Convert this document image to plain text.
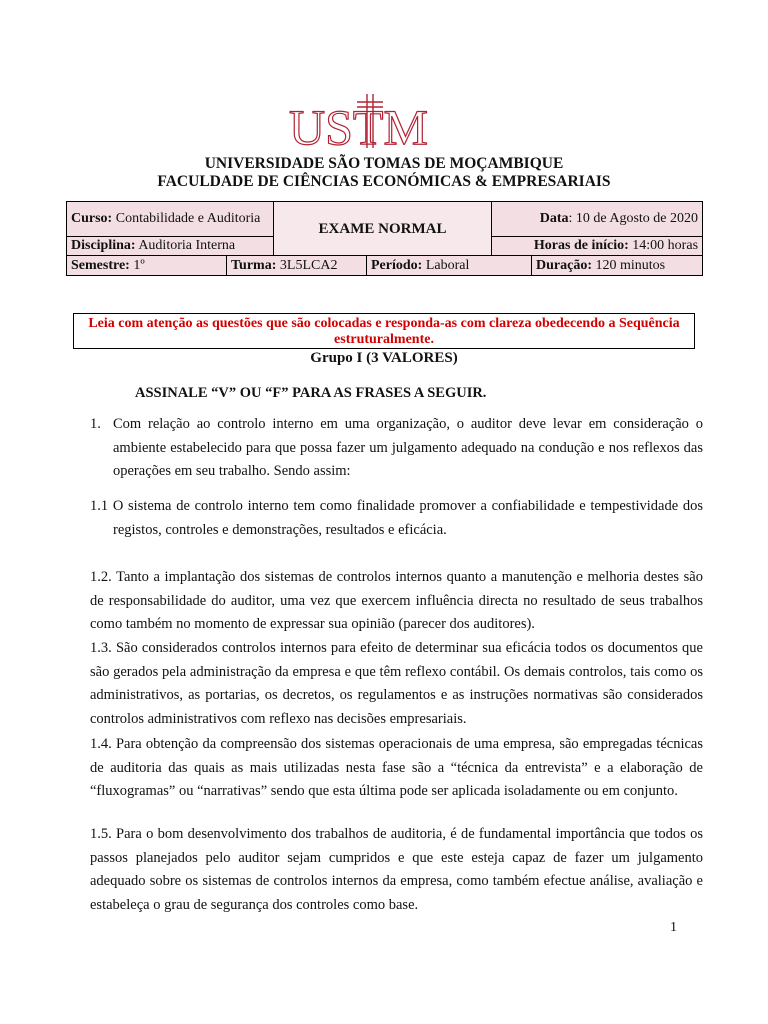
USTM
UNIVERSIDADE SÃO TOMAS DE MOÇAMBIQUE
FACULDADE DE CIÊNCIAS ECONÓMICAS & EMPRESARIAIS
Curso: Contabilidade e Auditoria		EXAME NORMAL		Data: 10 de Agosto de 2020	
Disciplina: Auditoria Interna				Horas de início: 14:00 horas	
Semestre: 1º	Turma: 3L5LCA2		Período: Laboral		Duração: 120 minutos
Leia com atenção as questões que são colocadas e responda-as com clareza obedecendo a Sequência estruturalmente.
Grupo I (3 VALORES)
ASSINALE “V” OU “F” PARA AS FRASES A SEGUIR.
1. Com relação ao controlo interno em uma organização, o auditor deve levar em consideração o ambiente estabelecido para que possa fazer um julgamento adequado na condução e nos reflexos das operações em seu trabalho. Sendo assim:

1.1 O sistema de controlo interno tem como finalidade promover a confiabilidade e tempestividade dos registos, controles e demonstrações, resultados e eficácia.

1.2. Tanto a implantação dos sistemas de controlos internos quanto a manutenção e melhoria destes são de responsabilidade do auditor, uma vez que exercem influência directa no resultado de seus trabalhos como também no momento de expressar sua opinião (parecer dos auditores).

1.3. São considerados controlos internos para efeito de determinar sua eficácia todos os documentos que são gerados pela administração da empresa e que têm reflexo contábil. Os demais controlos, tais como os administrativos, as portarias, os decretos, os regulamentos e as instruções normativas são considerados controlos administrativos com reflexo nas decisões empresariais.

1.4. Para obtenção da compreensão dos sistemas operacionais de uma empresa, são empregadas técnicas de auditoria das quais as mais utilizadas nesta fase são a “técnica da entrevista” e a elaboração de “fluxogramas” ou “narrativas” sendo que esta última pode ser aplicada isoladamente ou em conjunto.

1.5. Para o bom desenvolvimento dos trabalhos de auditoria, é de fundamental importância que todos os passos planejados pelo auditor sejam cumpridos e que este esteja capaz de fazer um julgamento adequado sobre os sistemas de controlos internos da empresa, como também efectue análise, avaliação e estabeleça o grau de segurança dos controles como base.

1
